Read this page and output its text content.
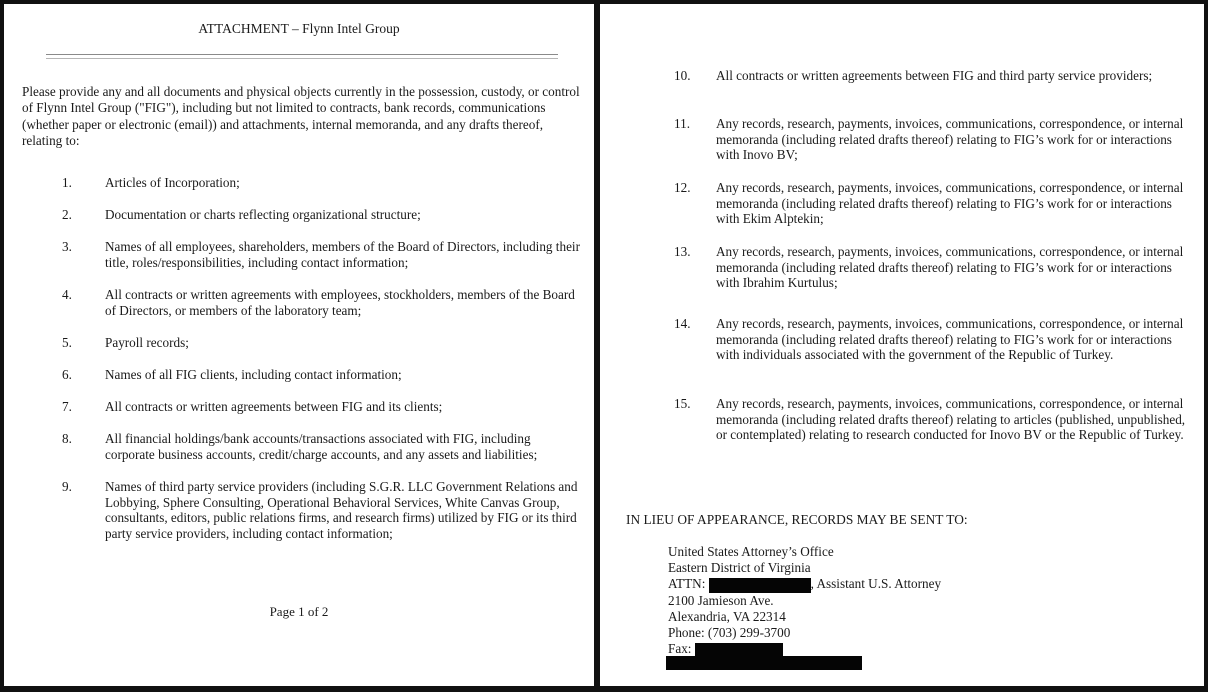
ATTACHMENT – Flynn Intel Group
Please provide any and all documents and physical objects currently in the possession, custody, or control of Flynn Intel Group ("FIG"), including but not limited to contracts, bank records, communications (whether paper or electronic (email)) and attachments, internal memoranda, and any drafts thereof, relating to:
1.	Articles of Incorporation;
2.	Documentation or charts reflecting organizational structure;
3.	Names of all employees, shareholders, members of the Board of Directors, including their title, roles/responsibilities, including contact information;
4.	All contracts or written agreements with employees, stockholders, members of the Board of Directors, or members of the laboratory team;
5.	Payroll records;
6.	Names of all FIG clients, including contact information;
7.	All contracts or written agreements between FIG and its clients;
8.	All financial holdings/bank accounts/transactions associated with FIG, including corporate business accounts, credit/charge accounts, and any assets and liabilities;
9.	Names of third party service providers (including S.G.R. LLC Government Relations and Lobbying, Sphere Consulting, Operational Behavioral Services, White Canvas Group, consultants, editors, public relations firms, and research firms) utilized by FIG or its third party service providers, including contact information;
Page 1 of 2
10. All contracts or written agreements between FIG and third party service providers;
11. Any records, research, payments, invoices, communications, correspondence, or internal memoranda (including related drafts thereof) relating to FIG’s work for or interactions with Inovo BV;
12. Any records, research, payments, invoices, communications, correspondence, or internal memoranda (including related drafts thereof) relating to FIG’s work for or interactions with Ekim Alptekin;
13. Any records, research, payments, invoices, communications, correspondence, or internal memoranda (including related drafts thereof) relating to FIG’s work for or interactions with Ibrahim Kurtulus;
14. Any records, research, payments, invoices, communications, correspondence, or internal memoranda (including related drafts thereof) relating to FIG’s work for or interactions with individuals associated with the government of the Republic of Turkey.
15. Any records, research, payments, invoices, communications, correspondence, or internal memoranda (including related drafts thereof) relating to articles (published, unpublished, or contemplated) relating to research conducted for Inovo BV or the Republic of Turkey.
IN LIEU OF APPEARANCE, RECORDS MAY BE SENT TO:
United States Attorney’s Office
Eastern District of Virginia
ATTN:	, Assistant U.S. Attorney
2100 Jamieson Ave.
Alexandria, VA 22314
Phone: (703) 299-3700
Fax:
